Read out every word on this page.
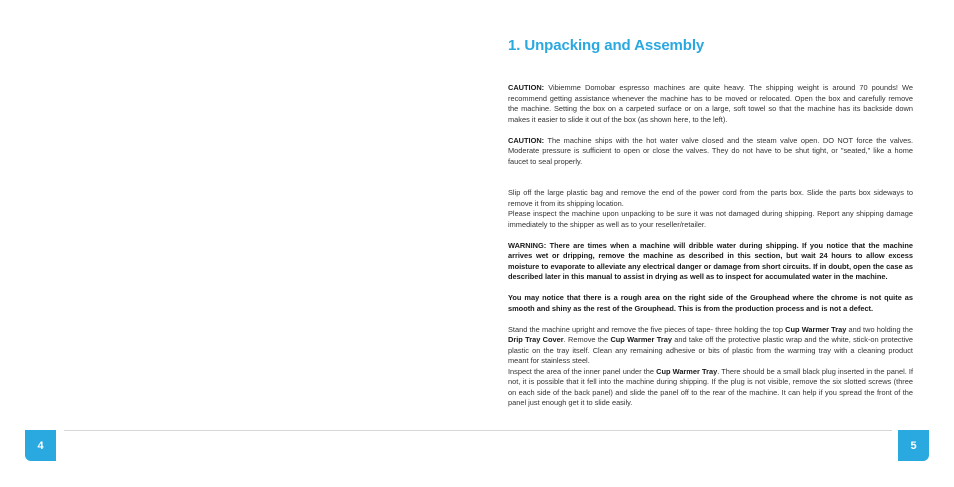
1. Unpacking and Assembly

CAUTION: Vibiemme Domobar espresso machines are quite heavy. The shipping weight is around 70 pounds! We recommend getting assistance whenever the machine has to be moved or relocated. Open the box and carefully remove the machine. Setting the box on a carpeted surface or on a large, soft towel so that the machine has its backside down makes it easier to slide it out of the box (as shown here, to the left).

CAUTION: The machine ships with the hot water valve closed and the steam valve open. DO NOT force the valves. Moderate pressure is sufficient to open or close the valves. They do not have to be shut tight, or "seated," like a home faucet to seal properly.

Slip off the large plastic bag and remove the end of the power cord from the parts box. Slide the parts box sideways to remove it from its shipping location.

Please inspect the machine upon unpacking to be sure it was not damaged during shipping. Report any shipping damage immediately to the shipper as well as to your reseller/retailer.

WARNING: There are times when a machine will dribble water during shipping. If you notice that the machine arrives wet or dripping, remove the machine as described in this section, but wait 24 hours to allow excess moisture to evaporate to alleviate any electrical danger or damage from short circuits. If in doubt, open the case as described later in this manual to assist in drying as well as to inspect for accumulated water in the machine.

You may notice that there is a rough area on the right side of the Grouphead where the chrome is not quite as smooth and shiny as the rest of the Grouphead. This is from the production process and is not a defect.

Stand the machine upright and remove the five pieces of tape- three holding the top Cup Warmer Tray and two holding the Drip Tray Cover. Remove the Cup Warmer Tray and take off the protective plastic wrap and the white, stick-on protective plastic on the tray itself. Clean any remaining adhesive or bits of plastic from the warming tray with a cleaning product meant for stainless steel.

Inspect the area of the inner panel under the Cup Warmer Tray. There should be a small black plug inserted in the panel. If not, it is possible that it fell into the machine during shipping. If the plug is not visible, remove the six slotted screws (three on each side of the back panel) and slide the panel off to the rear of the machine. It can help if you spread the front of the panel just enough get it to slide easily.

4	5
